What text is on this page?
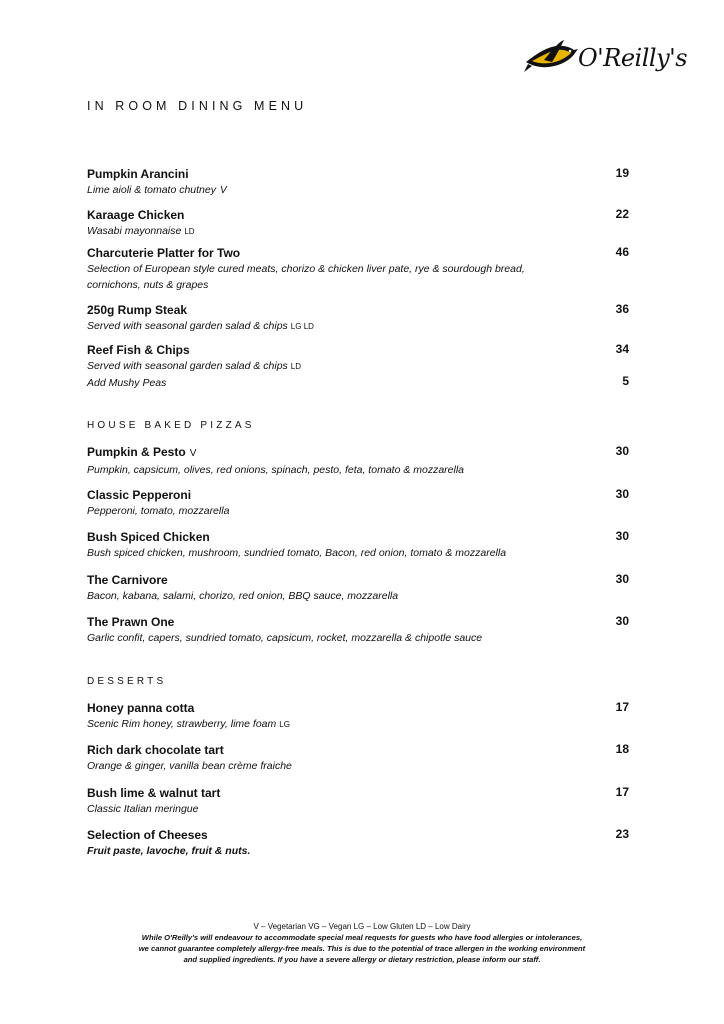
O'Reilly's
IN ROOM DINING MENU
Pumpkin Arancini
Lime aioli & tomato chutney V
19
Karaage Chicken
Wasabi mayonnaise LD
22
Charcuterie Platter for Two
Selection of European style cured meats, chorizo & chicken liver pate, rye & sourdough bread,
cornichons, nuts & grapes
46
250g Rump Steak
Served with seasonal garden salad & chips LG LD
36
Reef Fish & Chips
Served with seasonal garden salad & chips LD
Add Mushy Peas
34
5
HOUSE BAKED PIZZAS
Pumpkin & Pesto V
Pumpkin, capsicum, olives, red onions, spinach, pesto, feta, tomato & mozzarella
30
Classic Pepperoni
Pepperoni, tomato, mozzarella
30
Bush Spiced Chicken
Bush spiced chicken, mushroom, sundried tomato, Bacon, red onion, tomato & mozzarella
30
The Carnivore
Bacon, kabana, salami, chorizo, red onion, BBQ sauce, mozzarella
30
The Prawn One
Garlic confit, capers, sundried tomato, capsicum, rocket, mozzarella & chipotle sauce
30
DESSERTS
Honey panna cotta
Scenic Rim honey, strawberry, lime foam LG
17
Rich dark chocolate tart
Orange & ginger, vanilla bean crème fraiche
18
Bush lime & walnut tart
Classic Italian meringue
17
Selection of Cheeses
Fruit paste, lavoche, fruit & nuts.
23
V – Vegetarian VG – Vegan LG – Low Gluten LD – Low Dairy
While O'Reilly's will endeavour to accommodate special meal requests for guests who have food allergies or intolerances,
we cannot guarantee completely allergy-free meals. This is due to the potential of trace allergen in the working environment
and supplied ingredients. If you have a severe allergy or dietary restriction, please inform our staff.
